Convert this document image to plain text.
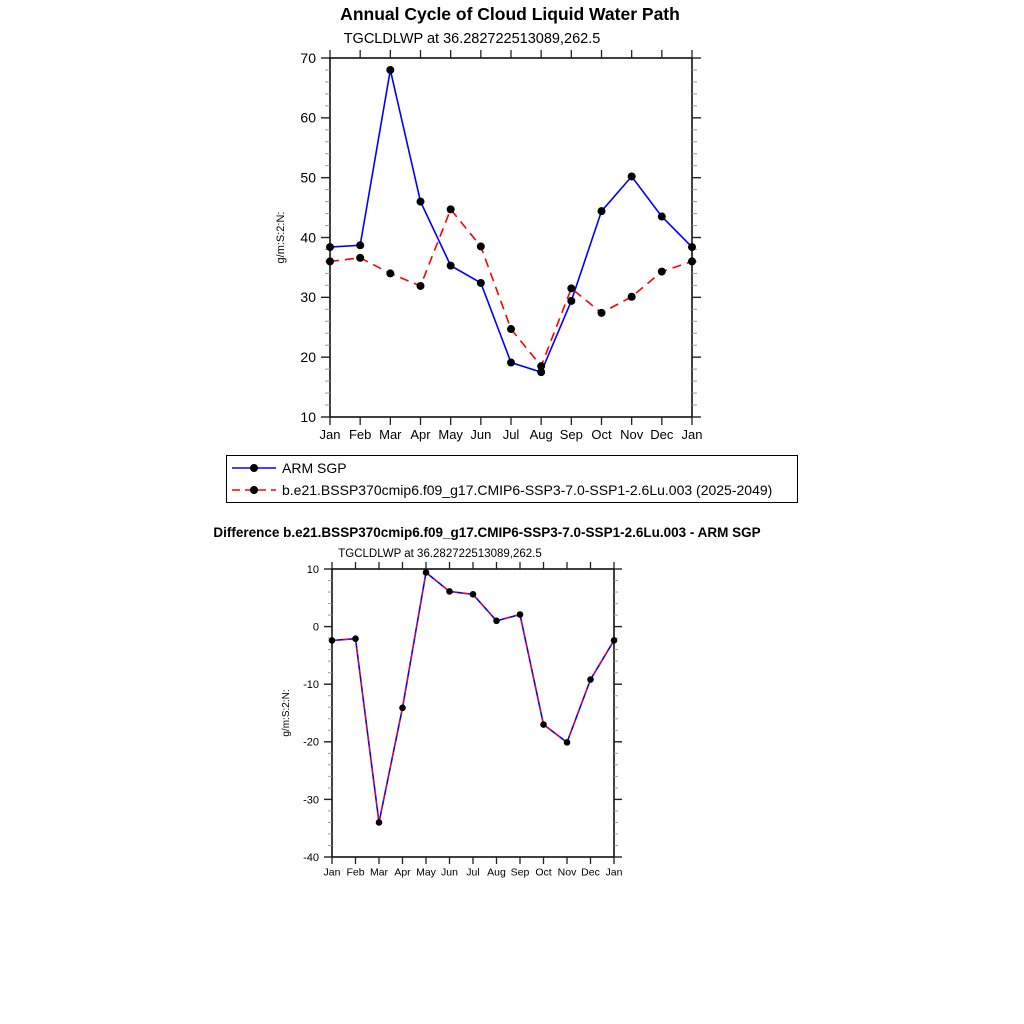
Annual Cycle of Cloud Liquid Water Path
TGCLDLWP at 36.282722513089,262.5
10
20
30
40
50
60
70
Jan Feb Mar Apr May Jun Jul Aug Sep Oct Nov Dec Jan
g/m:S:2:N:
ARM SGP
b.e21.BSSP370cmip6.f09_g17.CMIP6-SSP3-7.0-SSP1-2.6Lu.003 (2025-2049)
Difference b.e21.BSSP370cmip6.f09_g17.CMIP6-SSP3-7.0-SSP1-2.6Lu.003 - ARM SGP
TGCLDLWP at 36.282722513089,262.5
-40
-30
-20
-10
0
10
Jan Feb Mar Apr May Jun Jul Aug Sep Oct Nov Dec Jan
g/m:S:2:N:
